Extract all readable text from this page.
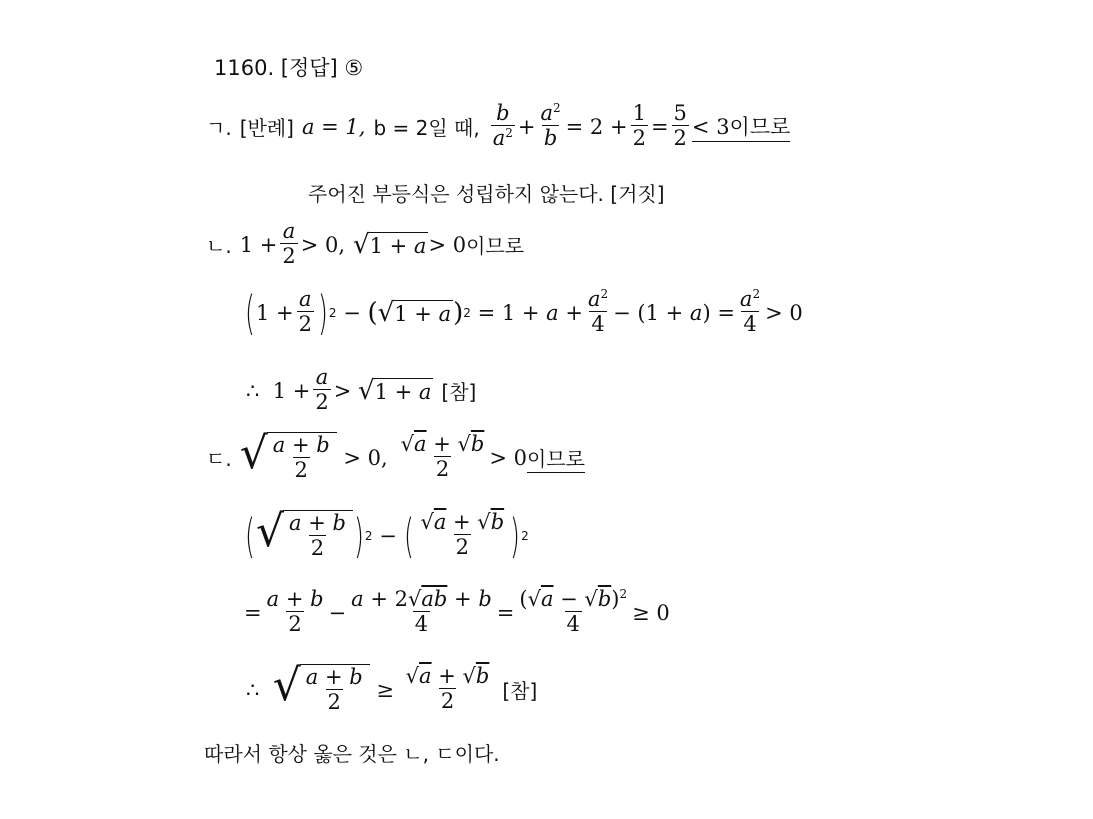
1160. [정답] ⑤
ㄱ. [반례] a = 1, b = 2일 때, $\frac{b}{a^2} + \frac{a^2}{b} = 2 + \frac{1}{2} = \frac{5}{2} < 3$이므로
주어진 부등식은 성립하지 않는다. [거짓]
ㄴ. $1 + \frac{a}{2} > 0$, √ 1 + a > 0 이므로
( $1 + \frac{a}{2}$ ) 2 − ( √ 1 + a ) $2 = 1 + a + \frac{a^2}{4} - (1 + a) = \frac{a^2}{4} > 0$
∴  $1 + \frac{a}{2}$ > √ 1 + a [참]
ㄷ. √ $\frac{a + b}{2} > 0$, $\frac{√a + √b}{2} > 0$ 이므로
( √ $\frac{a + b}{2}$ ) 2 − ( $\frac{√a + √b}{2}$ ) 2
= $\frac{a + b}{2} - \frac{a + 2√ab + b}{4} = \frac{(√a - √b)^2}{4} \ge 0$
∴ √ $\frac{a + b}{2} \ge \frac{√a + √b}{2}$ [참]
따라서 항상 옳은 것은 ㄴ, ㄷ이다.
